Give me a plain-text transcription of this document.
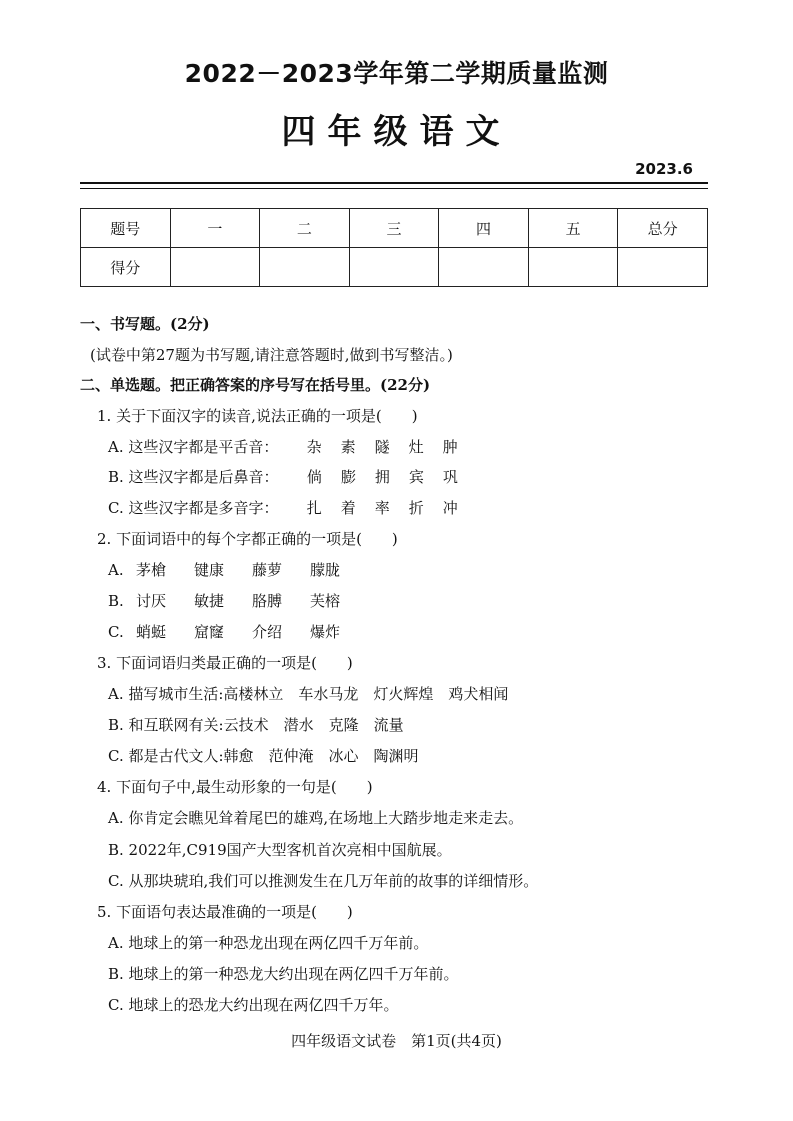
2022－2023学年第二学期质量监测
四年级语文
2023.6
题号	一	二	三	四	五	总分
得分						
一、书写题。(2分)
(试卷中第27题为书写题,请注意答题时,做到书写整洁。)
二、单选题。把正确答案的序号写在括号里。(22分)
1. 关于下面汉字的读音,说法正确的一项是(　　)
A. 这些汉字都是平舌音： 杂 素 隧 灶 肿
B. 这些汉字都是后鼻音： 倘 膨 拥 宾 巩
C. 这些汉字都是多音字： 扎 着 率 折 冲
2. 下面词语中的每个字都正确的一项是(　　)
A. 茅槍 键康 藤萝 朦胧
B. 讨厌 敏捷 胳膊 芙榕
C. 蛸蜓 窟窿 介绍 爆炸
3. 下面词语归类最正确的一项是(　　)
A. 描写城市生活:高楼林立　车水马龙　灯火辉煌　鸡犬相闻
B. 和互联网有关:云技术　潜水　克隆　流量
C. 都是古代文人:韩愈　范仲淹　冰心　陶渊明
4. 下面句子中,最生动形象的一句是(　　)
A. 你肯定会瞧见耸着尾巴的雄鸡,在场地上大踏步地走来走去。
B. 2022年,C919国产大型客机首次亮相中国航展。
C. 从那块琥珀,我们可以推测发生在几万年前的故事的详细情形。
5. 下面语句表达最准确的一项是(　　)
A. 地球上的第一种恐龙出现在两亿四千万年前。
B. 地球上的第一种恐龙大约出现在两亿四千万年前。
C. 地球上的恐龙大约出现在两亿四千万年。
四年级语文试卷　第1页(共4页)
